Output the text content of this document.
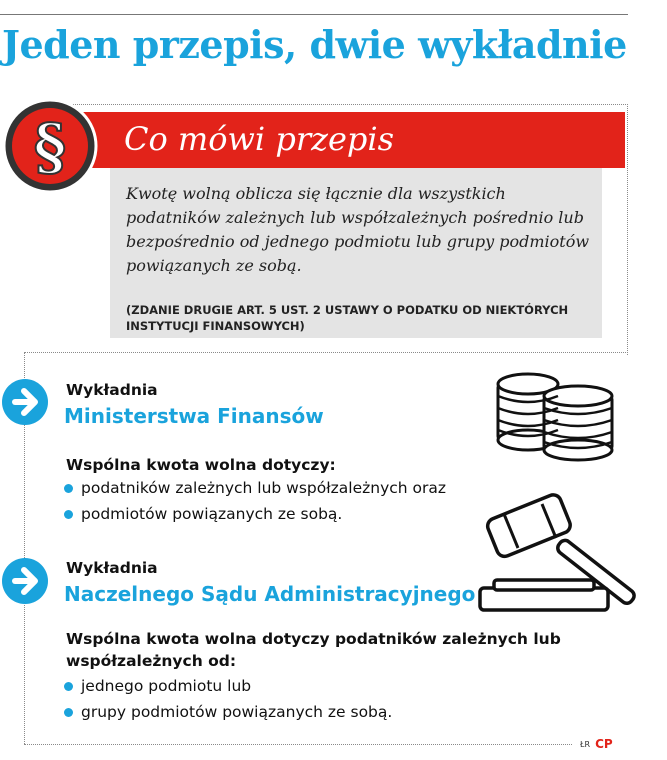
Jeden przepis, dwie wykładnie
Co mówi przepis
§

Kwotę wolną oblicza się łącznie dla wszystkich podatników zależnych lub współzależnych pośrednio lub bezpośrednio od jednego podmiotu lub grupy podmiotów powiązanych ze sobą.

(ZDANIE DRUGIE ART. 5 UST. 2 USTAWY O PODATKU OD NIEKTÓRYCH INSTYTUCJI FINANSOWYCH)

Wykładnia
Ministerstwa Finansów

Wspólna kwota wolna dotyczy:

podatników zależnych lub współzależnych oraz
podmiotów powiązanych ze sobą.
Wykładnia
Naczelnego Sądu Administracyjnego

Wspólna kwota wolna dotyczy podatników zależnych lub współzależnych od:

jednego podmiotu lub
grupy podmiotów powiązanych ze sobą.
ŁR CP
